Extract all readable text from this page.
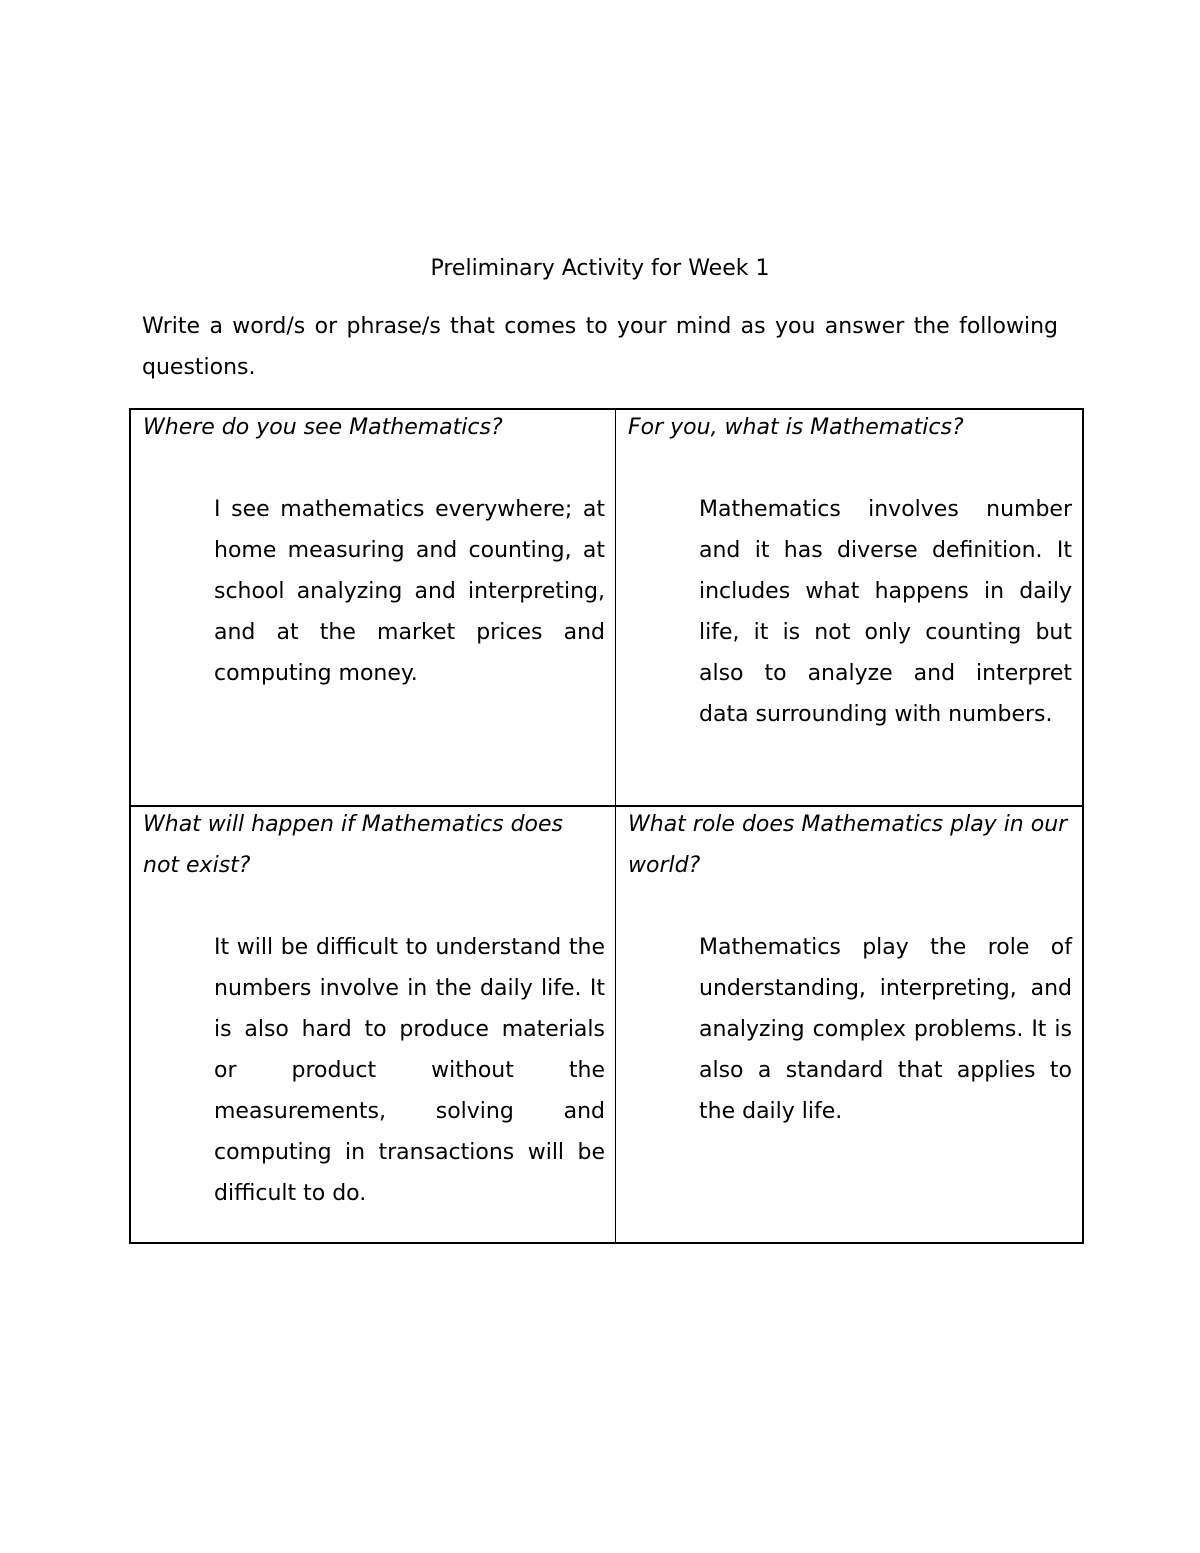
Preliminary Activity for Week 1

Write a word/s or phrase/s that comes to your mind as you answer the following questions.

Where do you see Mathematics?

I see mathematics everywhere; at home measuring and counting, at school analyzing and interpreting, and at the market prices and computing money.

For you, what is Mathematics?

Mathematics involves number and it has diverse definition. It includes what happens in daily life, it is not only counting but also to analyze and interpret data surrounding with numbers.

What will happen if Mathematics does not exist?

It will be difficult to understand the numbers involve in the daily life. It is also hard to produce materials or product without the measurements, solving and computing in transactions will be difficult to do.

What role does Mathematics play in our world?

Mathematics play the role of understanding, interpreting, and analyzing complex problems. It is also a standard that applies to the daily life.
